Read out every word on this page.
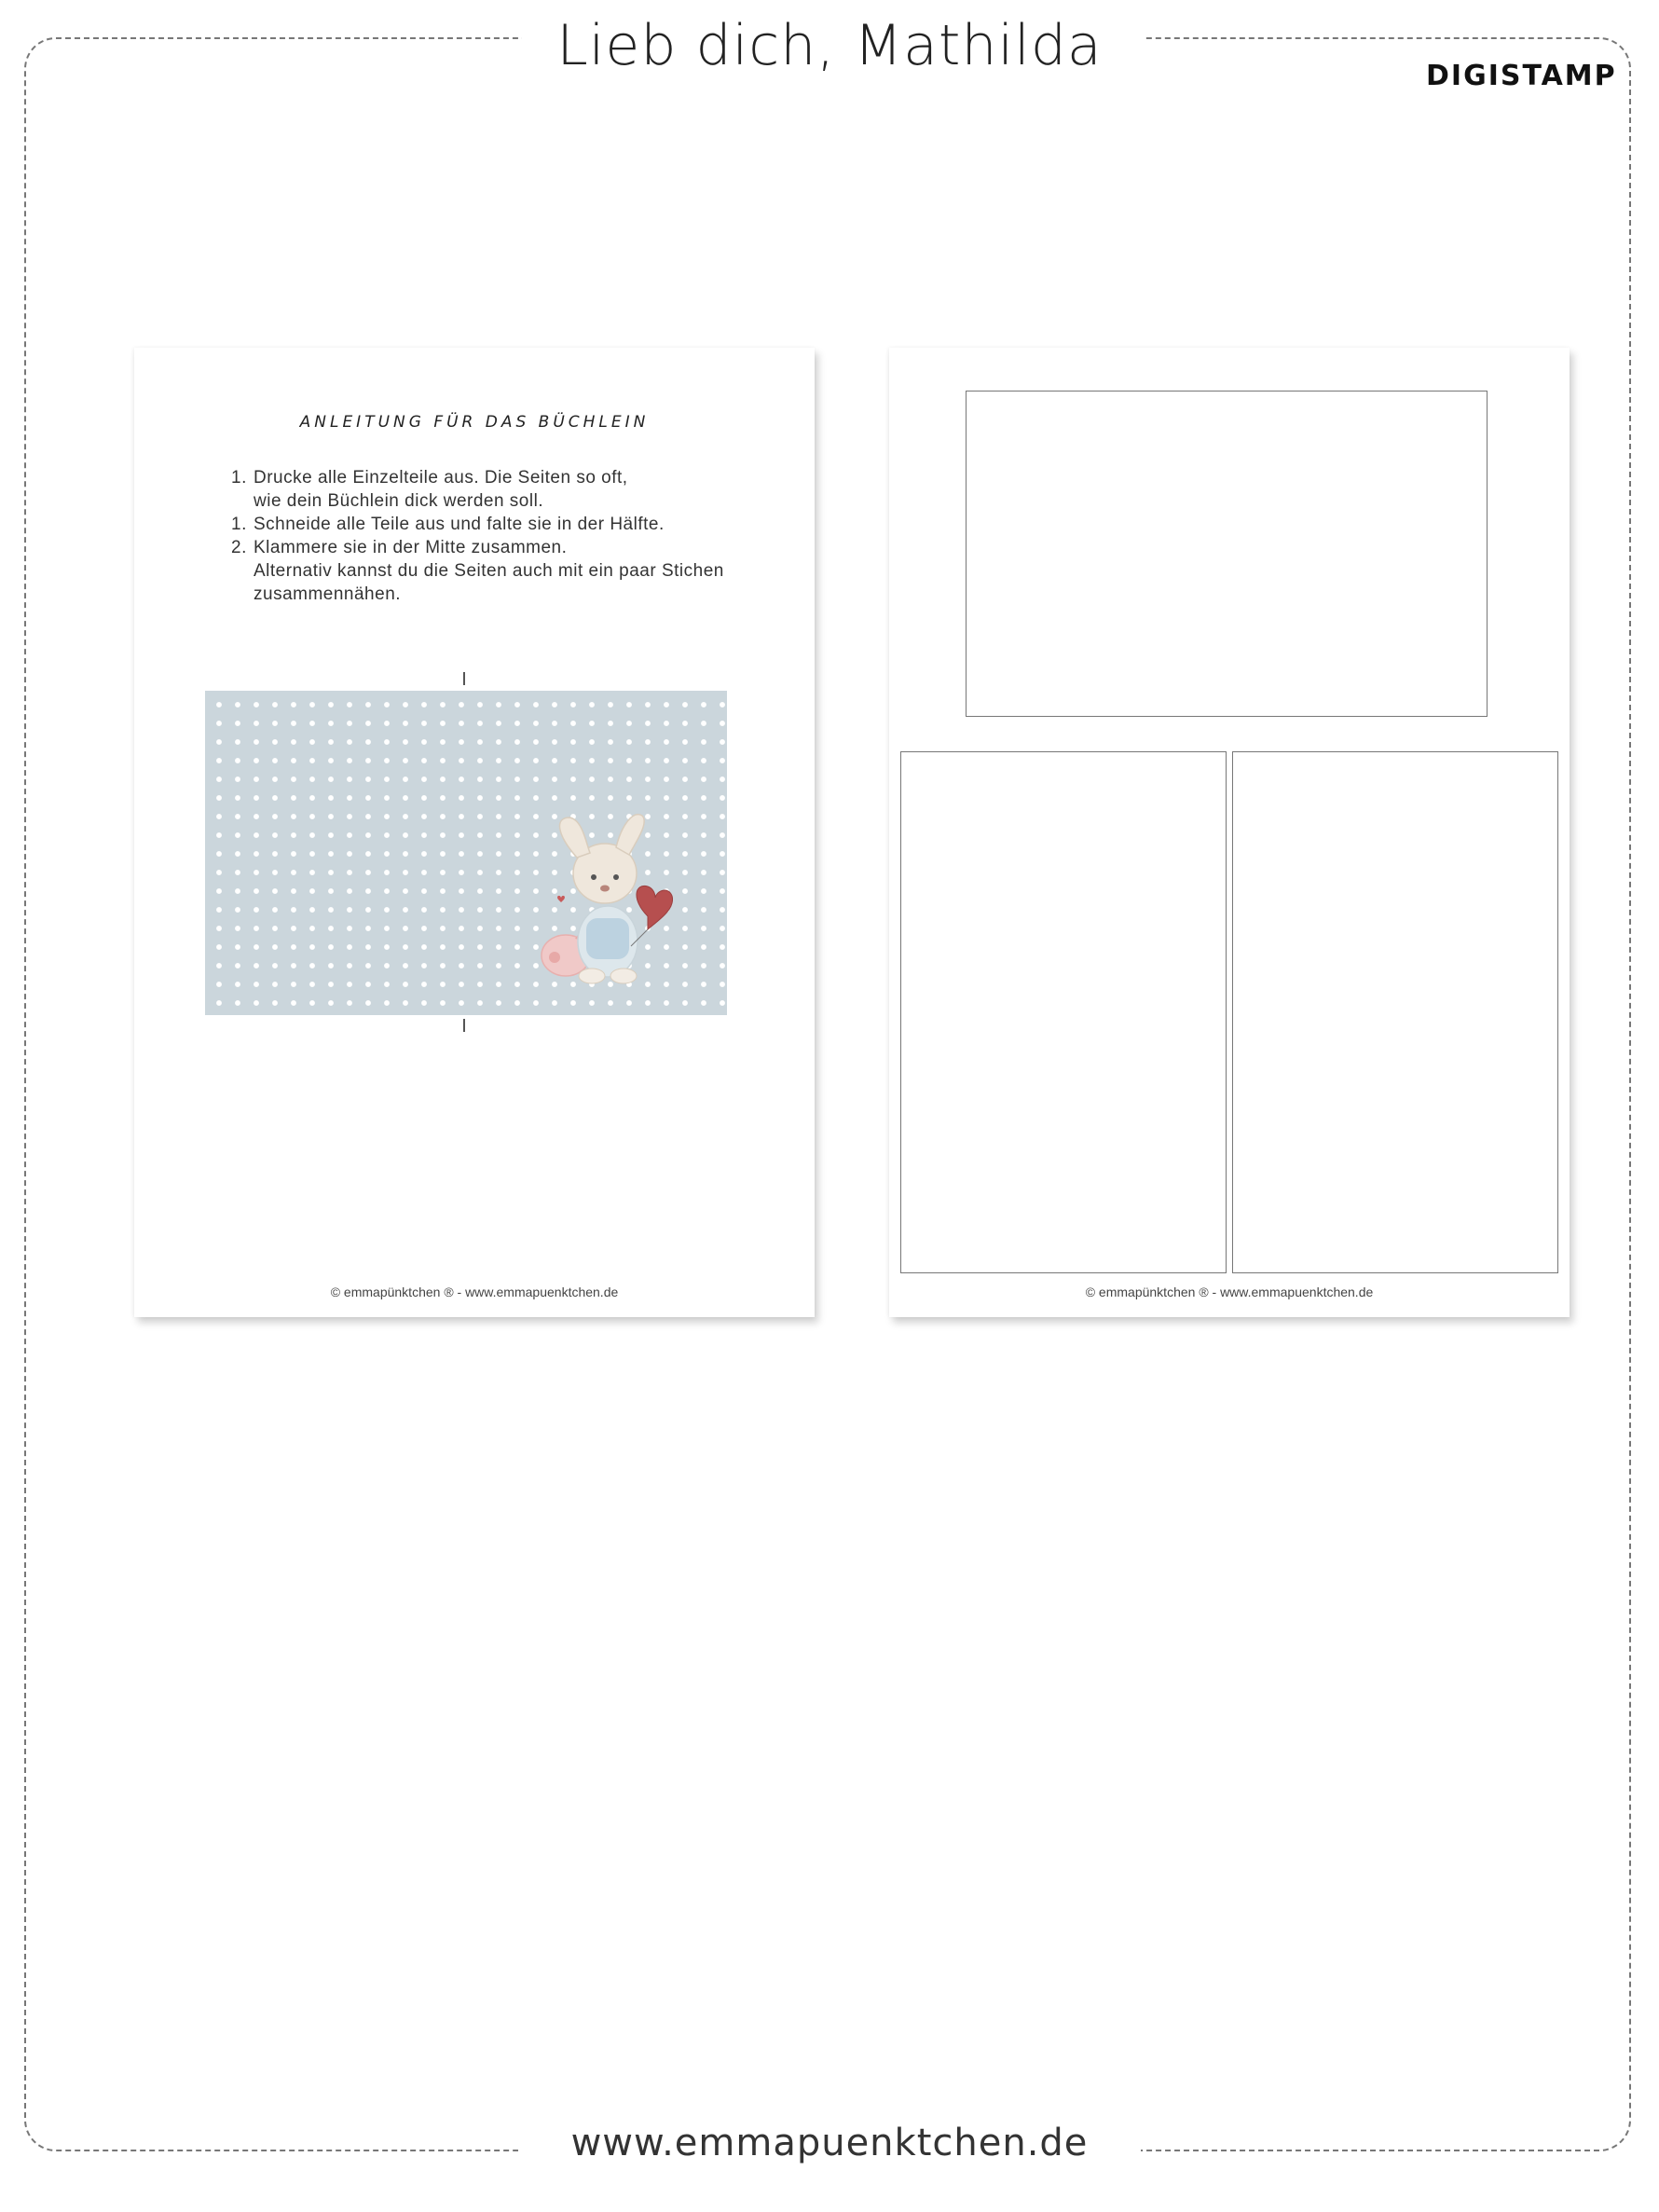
Lieb dich, Mathilda	DIGISTAMP
ANLEITUNG FÜR DAS BÜCHLEIN
1. Drucke alle Einzelteile aus. Die Seiten so oft,
wie dein Büchlein dick werden soll.
1. Schneide alle Teile aus und falte sie in der Hälfte.
2. Klammere sie in der Mitte zusammen.
Alternativ kannst du die Seiten auch mit ein paar Stichen
zusammennähen.
© emmapünktchen ® - www.emmapuenktchen.de	© emmapünktchen ® - www.emmapuenktchen.de
www.emmapuenktchen.de
